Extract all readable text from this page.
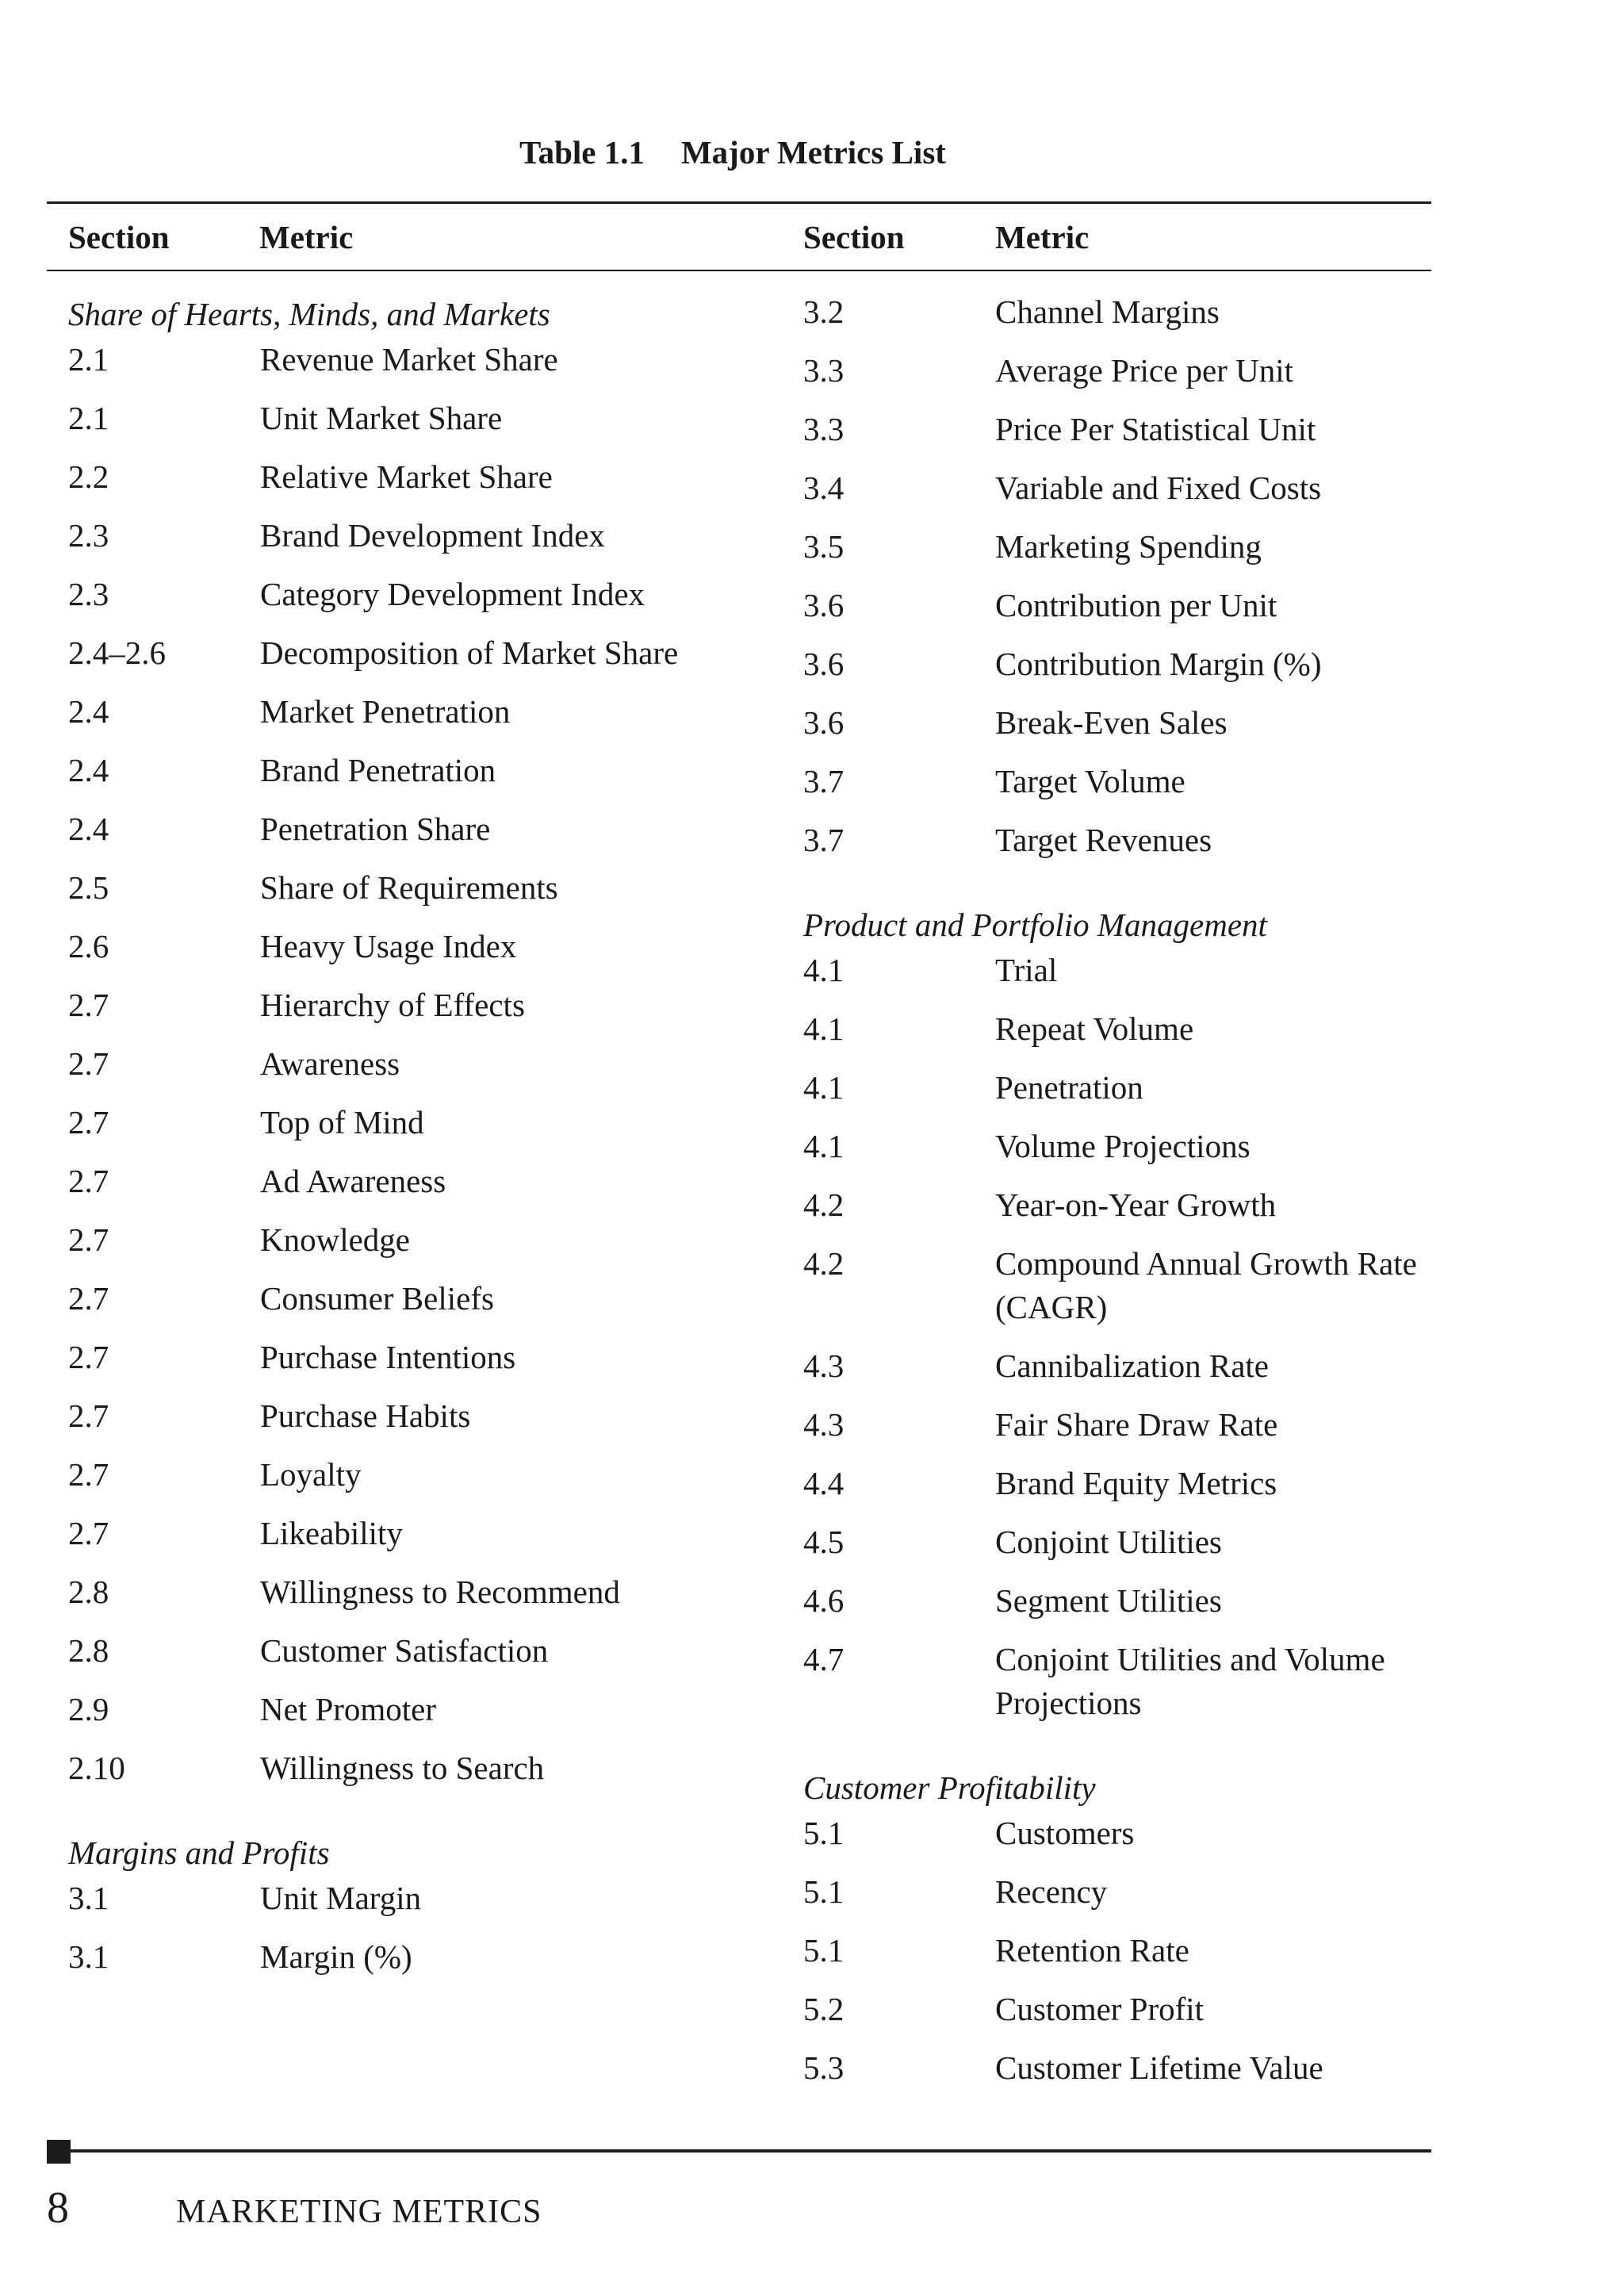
Table 1.1 Major Metrics List
Section	Metric	Section	Metric
Share of Hearts, Minds, and Markets
2.1	Revenue Market Share
2.1	Unit Market Share
2.2	Relative Market Share
2.3	Brand Development Index
2.3	Category Development Index
2.4–2.6	Decomposition of Market Share
2.4	Market Penetration
2.4	Brand Penetration
2.4	Penetration Share
2.5	Share of Requirements
2.6	Heavy Usage Index
2.7	Hierarchy of Effects
2.7	Awareness
2.7	Top of Mind
2.7	Ad Awareness
2.7	Knowledge
2.7	Consumer Beliefs
2.7	Purchase Intentions
2.7	Purchase Habits
2.7	Loyalty
2.7	Likeability
2.8	Willingness to Recommend
2.8	Customer Satisfaction
2.9	Net Promoter
2.10	Willingness to Search
Margins and Profits
3.1	Unit Margin
3.1	Margin (%)
3.2	Channel Margins
3.3	Average Price per Unit
3.3	Price Per Statistical Unit
3.4	Variable and Fixed Costs
3.5	Marketing Spending
3.6	Contribution per Unit
3.6	Contribution Margin (%)
3.6	Break-Even Sales
3.7	Target Volume
3.7	Target Revenues
Product and Portfolio Management
4.1	Trial
4.1	Repeat Volume
4.1	Penetration
4.1	Volume Projections
4.2	Year-on-Year Growth
4.2	Compound Annual Growth Rate (CAGR)
4.3	Cannibalization Rate
4.3	Fair Share Draw Rate
4.4	Brand Equity Metrics
4.5	Conjoint Utilities
4.6	Segment Utilities
4.7	Conjoint Utilities and Volume Projections
Customer Profitability
5.1	Customers
5.1	Recency
5.1	Retention Rate
5.2	Customer Profit
5.3	Customer Lifetime Value
8	MARKETING METRICS
